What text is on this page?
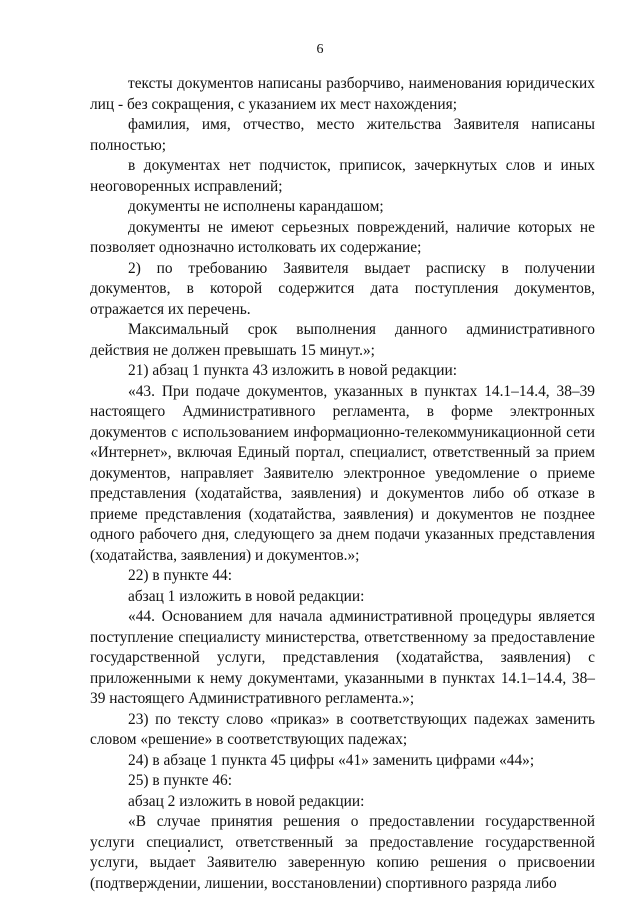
6

тексты документов написаны разборчиво, наименования юридических лиц - без сокращения, с указанием их мест нахождения;

фамилия, имя, отчество, место жительства Заявителя написаны полностью;

в документах нет подчисток, приписок, зачеркнутых слов и иных неоговоренных исправлений;

документы не исполнены карандашом;

документы не имеют серьезных повреждений, наличие которых не позволяет однозначно истолковать их содержание;

2) по требованию Заявителя выдает расписку в получении документов, в которой содержится дата поступления документов, отражается их перечень.

Максимальный срок выполнения данного административного действия не должен превышать 15 минут.»;

21) абзац 1 пункта 43 изложить в новой редакции:

«43. При подаче документов, указанных в пунктах 14.1–14.4, 38–39 настоящего Административного регламента, в форме электронных документов с использованием информационно-телекоммуникационной сети «Интернет», включая Единый портал, специалист, ответственный за прием документов, направляет Заявителю электронное уведомление о приеме представления (ходатайства, заявления) и документов либо об отказе в приеме представления (ходатайства, заявления) и документов не позднее одного рабочего дня, следующего за днем подачи указанных представления (ходатайства, заявления) и документов.»;

22) в пункте 44:

абзац 1 изложить в новой редакции:

«44. Основанием для начала административной процедуры является поступление специалисту министерства, ответственному за предоставление государственной услуги, представления (ходатайства, заявления) с приложенными к нему документами, указанными в пунктах 14.1–14.4, 38–39 настоящего Административного регламента.»;

23) по тексту слово «приказ» в соответствующих падежах заменить словом «решение» в соответствующих падежах;

24) в абзаце 1 пункта 45 цифры «41» заменить цифрами «44»;

25) в пункте 46:

абзац 2 изложить в новой редакции:

«В случае принятия решения о предоставлении государственной услуги специалист, ответственный за предоставление государственной услуги, выдает Заявителю заверенную копию решения о присвоении (подтверждении, лишении, восстановлении) спортивного разряда либо
